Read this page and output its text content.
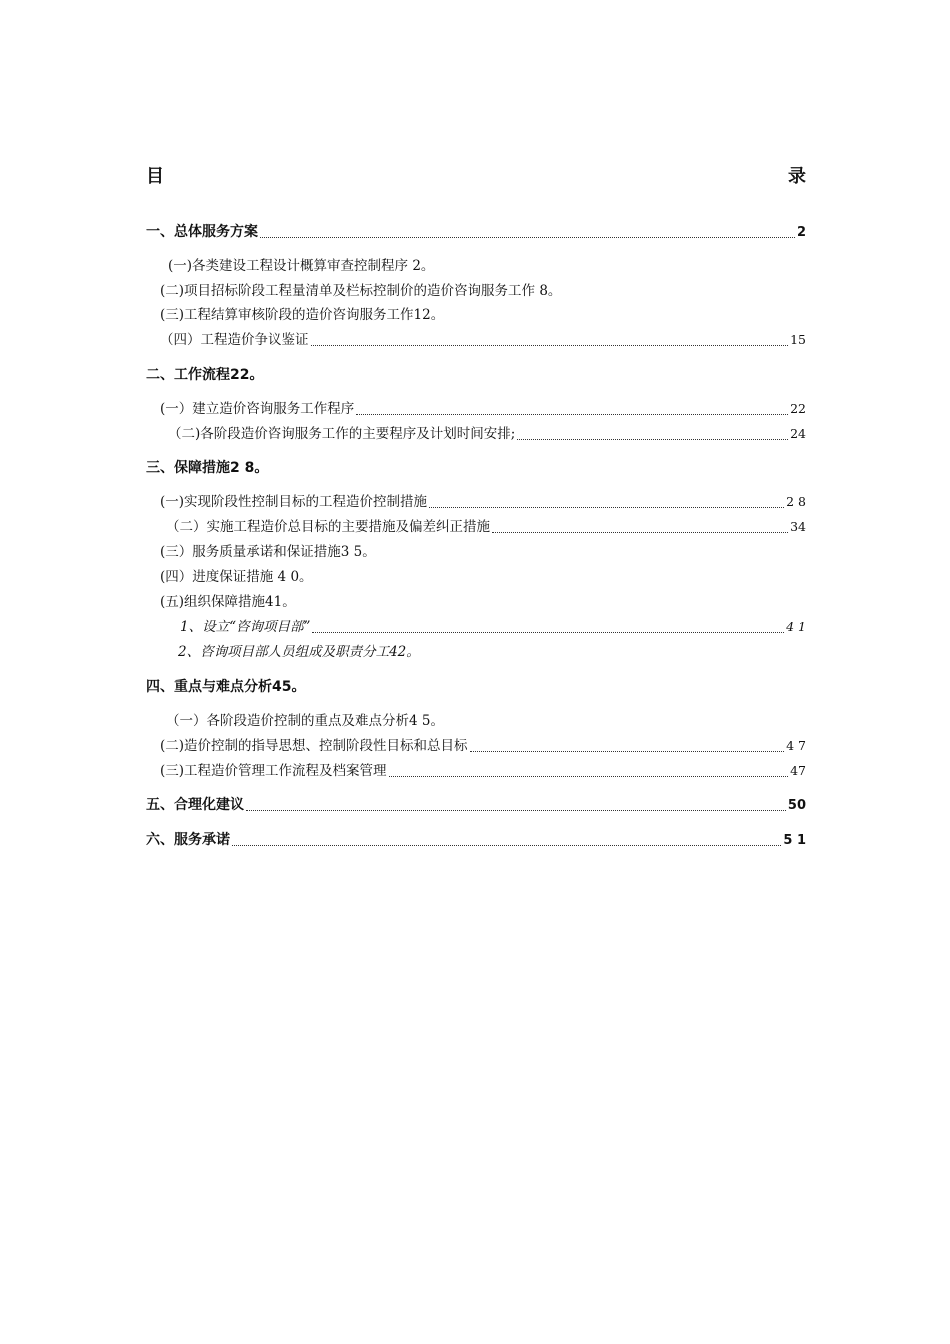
目	录
一、总体服务方案	2
(一)各类建设工程设计概算审查控制程序 2。
(二)项目招标阶段工程量清单及栏标控制价的造价咨询服务工作 8。
(三)工程结算审核阶段的造价咨询服务工作12。
（四）工程造价争议鉴证	15
二、工作流程22。
(一）建立造价咨询服务工作程序	22
（二)各阶段造价咨询服务工作的主要程序及计划时间安排;	24
三、保障措施2 8。
(一)实现阶段性控制目标的工程造价控制措施	2 8
（二）实施工程造价总目标的主要措施及偏差纠正措施	34
(三）服务质量承诺和保证措施3 5。
(四）进度保证措施 4 0。
(五)组织保障措施41。
1、设立“咨询项目部”	4 1
2、咨询项目部人员组成及职责分工42。
四、重点与难点分析45。
（一）各阶段造价控制的重点及难点分析4 5。
(二)造价控制的指导思想、控制阶段性目标和总目标	4 7
(三)工程造价管理工作流程及档案管理	47
五、合理化建议	50
六、服务承诺	5 1
